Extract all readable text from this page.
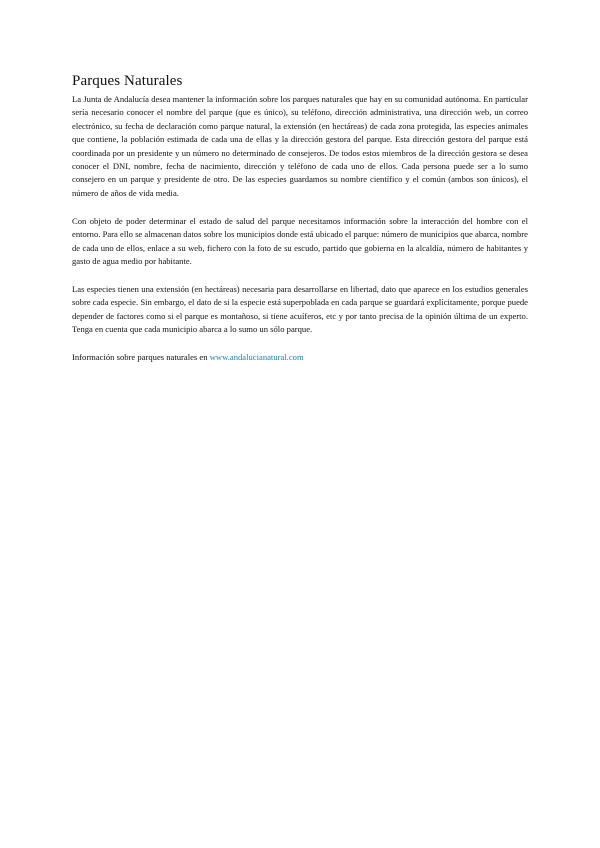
Parques Naturales

La Junta de Andalucía desea mantener la información sobre los parques naturales que hay en su comunidad autónoma. En particular sería necesario conocer el nombre del parque (que es único), su teléfono, dirección administrativa, una dirección web, un correo electrónico, su fecha de declaración como parque natural, la extensión (en hectáreas) de cada zona protegida, las especies animales que contiene, la población estimada de cada una de ellas y la dirección gestora del parque. Esta dirección gestora del parque está coordinada por un presidente y un número no determinado de consejeros. De todos estos miembros de la dirección gestora se desea conocer el DNI, nombre, fecha de nacimiento, dirección y teléfono de cada uno de ellos. Cada persona puede ser a lo sumo consejero en un parque y presidente de otro. De las especies guardamos su nombre científico y el común (ambos son únicos), el número de años de vida media.

Con objeto de poder determinar el estado de salud del parque necesitamos información sobre la interacción del hombre con el entorno. Para ello se almacenan datos sobre los municipios donde está ubicado el parque: número de municipios que abarca, nombre de cada uno de ellos, enlace a su web, fichero con la foto de su escudo, partido que gobierna en la alcaldía, número de habitantes y gasto de agua medio por habitante.

Las especies tienen una extensión (en hectáreas) necesaria para desarrollarse en libertad, dato que aparece en los estudios generales sobre cada especie. Sin embargo, el dato de si la especie está superpoblada en cada parque se guardará explícitamente, porque puede depender de factores como si el parque es montañoso, si tiene acuíferos, etc y por tanto precisa de la opinión última de un experto. Tenga en cuenta que cada municipio abarca a lo sumo un sólo parque.

Información sobre parques naturales en www.andalucianatural.com
